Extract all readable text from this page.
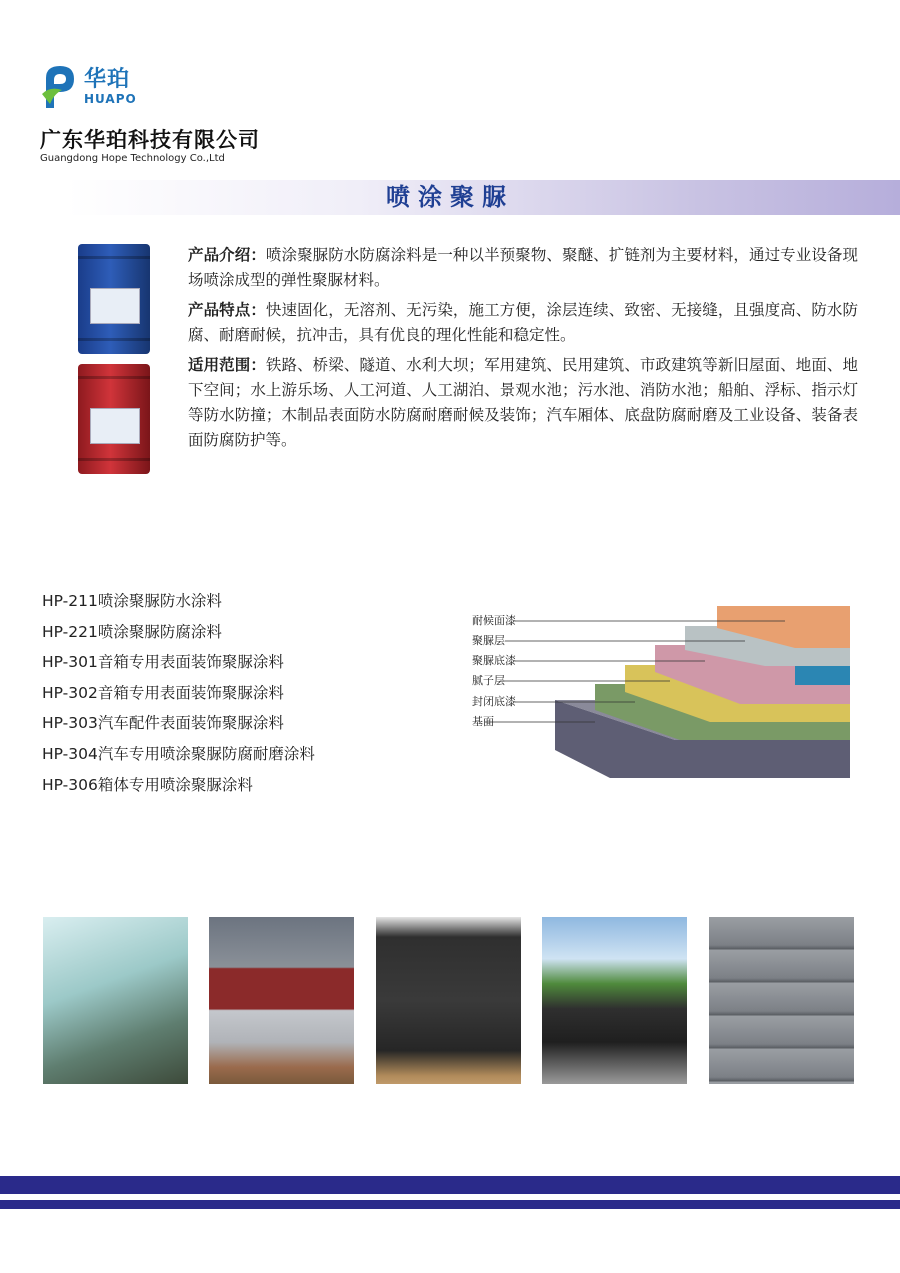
华珀
HUAPO
广东华珀科技有限公司
Guangdong Hope Technology Co.,Ltd
喷涂聚脲
产品介绍：喷涂聚脲防水防腐涂料是一种以半预聚物、聚醚、扩链剂为主要材料，通过专业设备现场喷涂成型的弹性聚脲材料。
产品特点：快速固化，无溶剂、无污染，施工方便，涂层连续、致密、无接缝，且强度高、防水防腐、耐磨耐候，抗冲击，具有优良的理化性能和稳定性。
适用范围：铁路、桥梁、隧道、水利大坝；军用建筑、民用建筑、市政建筑等新旧屋面、地面、地下空间；水上游乐场、人工河道、人工湖泊、景观水池；污水池、消防水池；船舶、浮标、指示灯等防水防撞；木制品表面防水防腐耐磨耐候及装饰；汽车厢体、底盘防腐耐磨及工业设备、装备表面防腐防护等。
HP-211喷涂聚脲防水涂料
HP-221喷涂聚脲防腐涂料
HP-301音箱专用表面装饰聚脲涂料
HP-302音箱专用表面装饰聚脲涂料
HP-303汽车配件表面装饰聚脲涂料
HP-304汽车专用喷涂聚脲防腐耐磨涂料
HP-306箱体专用喷涂聚脲涂料
耐候面漆
聚脲层
聚脲底漆
腻子层
封闭底漆
基面
